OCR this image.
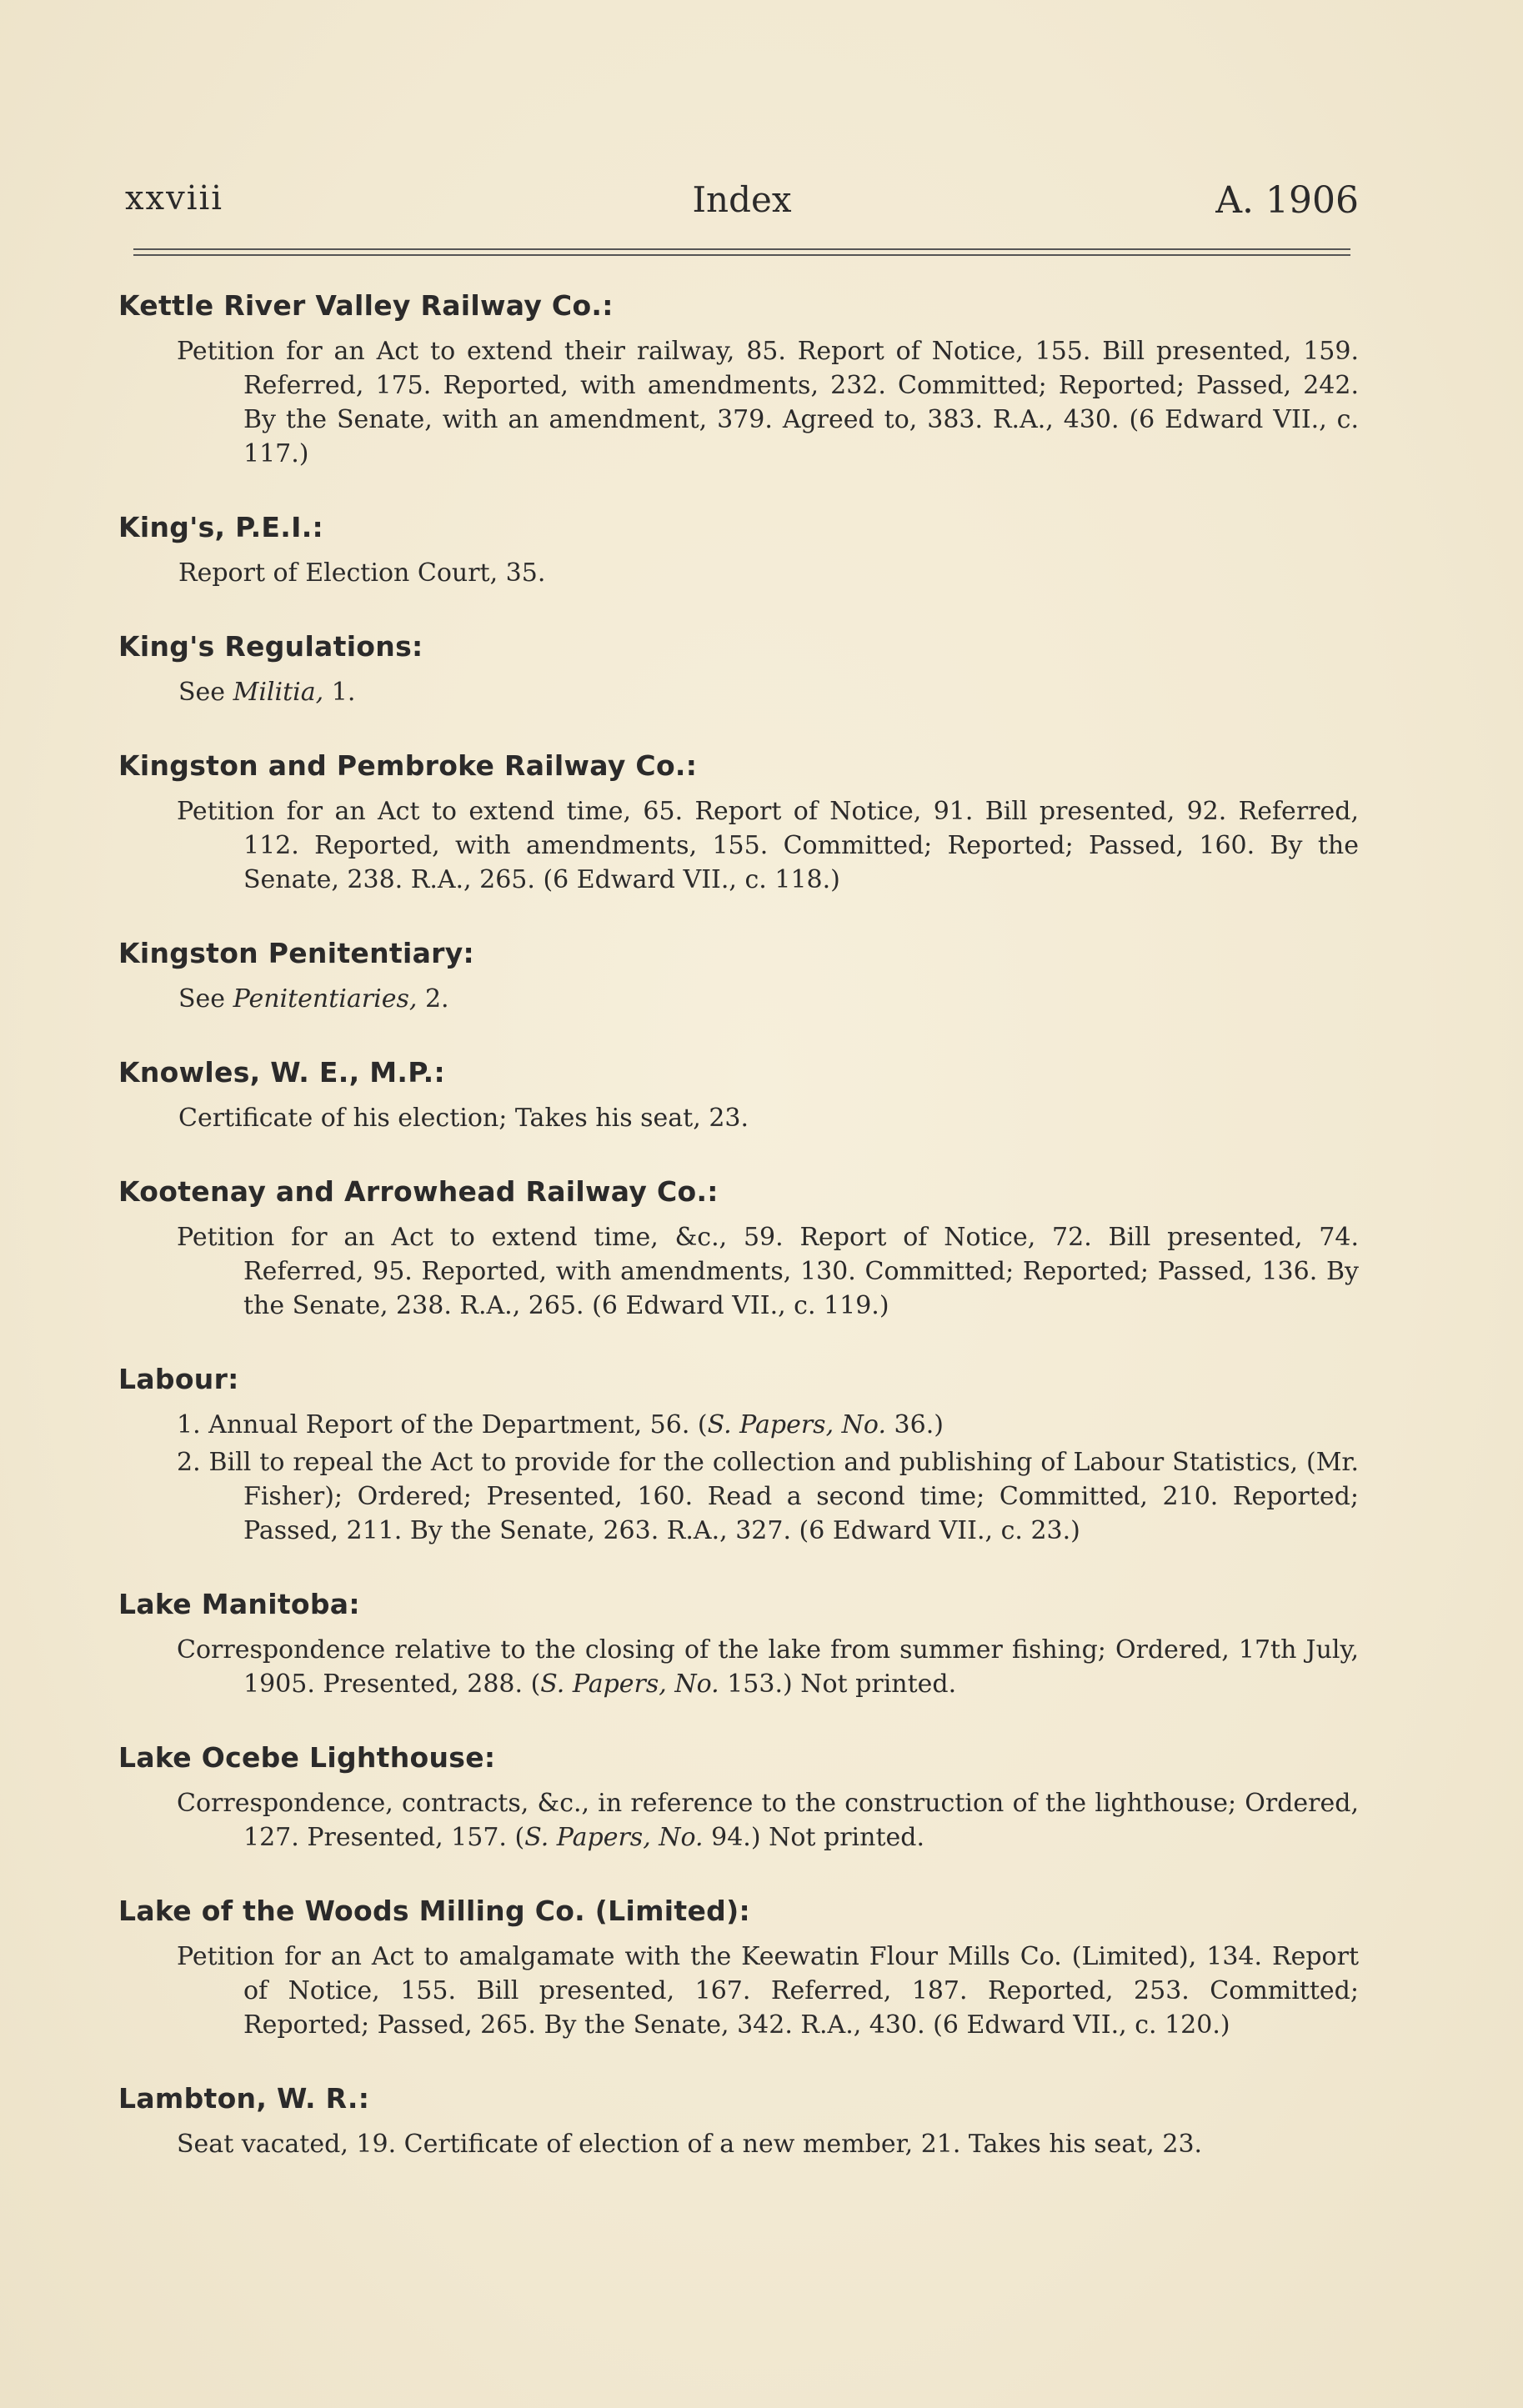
xxviii	Index	A. 1906
Kettle River Valley Railway Co.:
Petition for an Act to extend their railway, 85. Report of Notice, 155. Bill presented, 159. Referred, 175. Reported, with amendments, 232. Committed; Reported; Passed, 242. By the Senate, with an amendment, 379. Agreed to, 383. R.A., 430. (6 Edward VII., c. 117.)
King's, P.E.I.:
Report of Election Court, 35.
King's Regulations:
See Militia, 1.
Kingston and Pembroke Railway Co.:
Petition for an Act to extend time, 65. Report of Notice, 91. Bill presented, 92. Referred, 112. Reported, with amendments, 155. Committed; Reported; Passed, 160. By the Senate, 238. R.A., 265. (6 Edward VII., c. 118.)
Kingston Penitentiary:
See Penitentiaries, 2.
Knowles, W. E., M.P.:
Certificate of his election; Takes his seat, 23.
Kootenay and Arrowhead Railway Co.:
Petition for an Act to extend time, &c., 59. Report of Notice, 72. Bill presented, 74. Referred, 95. Reported, with amendments, 130. Committed; Reported; Passed, 136. By the Senate, 238. R.A., 265. (6 Edward VII., c. 119.)
Labour:
1. Annual Report of the Department, 56. (S. Papers, No. 36.)
2. Bill to repeal the Act to provide for the collection and publishing of Labour Statistics, (Mr. Fisher); Ordered; Presented, 160. Read a second time; Committed, 210. Reported; Passed, 211. By the Senate, 263. R.A., 327. (6 Edward VII., c. 23.)
Lake Manitoba:
Correspondence relative to the closing of the lake from summer fishing; Ordered, 17th July, 1905. Presented, 288. (S. Papers, No. 153.) Not printed.
Lake Ocebe Lighthouse:
Correspondence, contracts, &c., in reference to the construction of the lighthouse; Ordered, 127. Presented, 157. (S. Papers, No. 94.) Not printed.
Lake of the Woods Milling Co. (Limited):
Petition for an Act to amalgamate with the Keewatin Flour Mills Co. (Limited), 134. Report of Notice, 155. Bill presented, 167. Referred, 187. Reported, 253. Committed; Reported; Passed, 265. By the Senate, 342. R.A., 430. (6 Edward VII., c. 120.)
Lambton, W. R.:
Seat vacated, 19. Certificate of election of a new member, 21. Takes his seat, 23.
